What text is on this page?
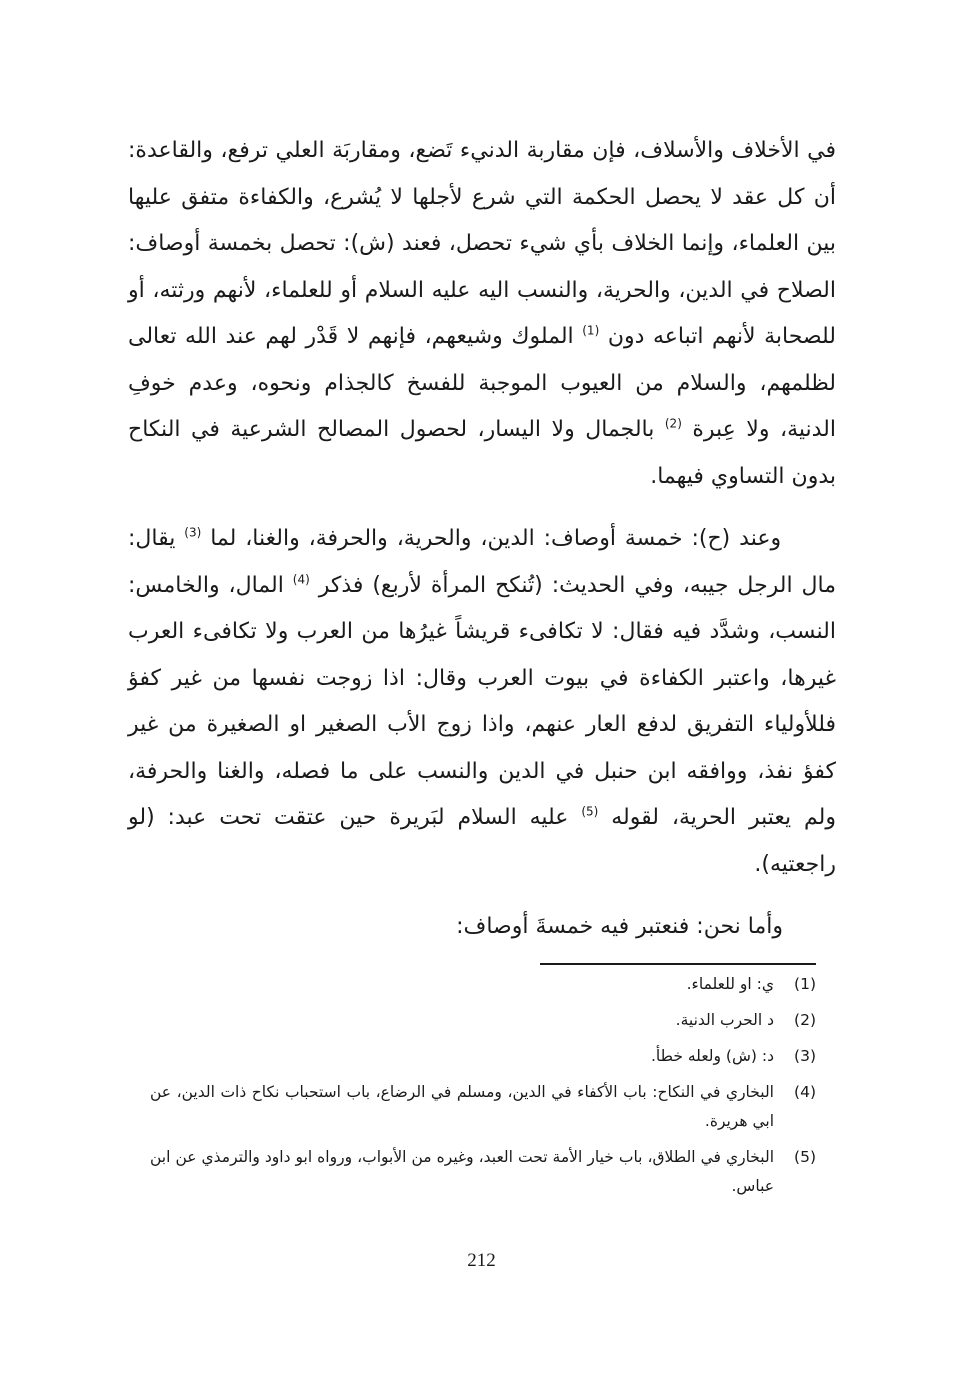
في الأخلاف والأسلاف، فإن مقاربة الدنيء تَضع، ومقاربَة العلي ترفع، والقاعدة: أن كل عقد لا يحصل الحكمة التي شرع لأجلها لا يُشرع، والكفاءة متفق عليها بين العلماء، وإنما الخلاف بأي شيء تحصل، فعند (ش): تحصل بخمسة أوصاف: الصلاح في الدين، والحرية، والنسب اليه عليه السلام أو للعلماء، لأنهم ورثته، أو للصحابة لأنهم اتباعه دون $^{(1)}$ الملوك وشيعهم، فإنهم لا قَدْر لهم عند الله تعالى لظلمهم، والسلام من العيوب الموجبة للفسخ كالجذام ونحوه، وعدم خوفِ الدنية، ولا عِبرة $^{(2)}$ بالجمال ولا اليسار، لحصول المصالح الشرعية في النكاح بدون التساوي فيهما.

وعند (ح): خمسة أوصاف: الدين، والحرية، والحرفة، والغنا، لما $^{(3)}$ يقال: مال الرجل جيبه، وفي الحديث: (تُنكح المرأة لأربع) فذكر $^{(4)}$ المال، والخامس: النسب، وشدَّد فيه فقال: لا تكافىء قريشاً غيرُها من العرب ولا تكافىء العرب غيرها، واعتبر الكفاءة في بيوت العرب وقال: اذا زوجت نفسها من غير كفؤ فللأولياء التفريق لدفع العار عنهم، واذا زوج الأب الصغير او الصغيرة من غير كفؤ نفذ، ووافقه ابن حنبل في الدين والنسب على ما فصله، والغنا والحرفة، ولم يعتبر الحرية، لقوله $^{(5)}$ عليه السلام لبَريرة حين عتقت تحت عبد: (لو راجعتيه).

وأما نحن: فنعتبر فيه خمسةَ أوصاف:

(1)
ي: او للعلماء.
(2)
د الحرب الدنية.
(3)
د: (ش) ولعله خطأ.
(4)
البخاري في النكاح: باب الأكفاء في الدين، ومسلم في الرضاع، باب استحباب نكاح ذات الدين، عن ابي هريرة.
(5)
البخاري في الطلاق، باب خيار الأمة تحت العبد، وغيره من الأبواب، ورواه ابو داود والترمذي عن ابن عباس.
212
